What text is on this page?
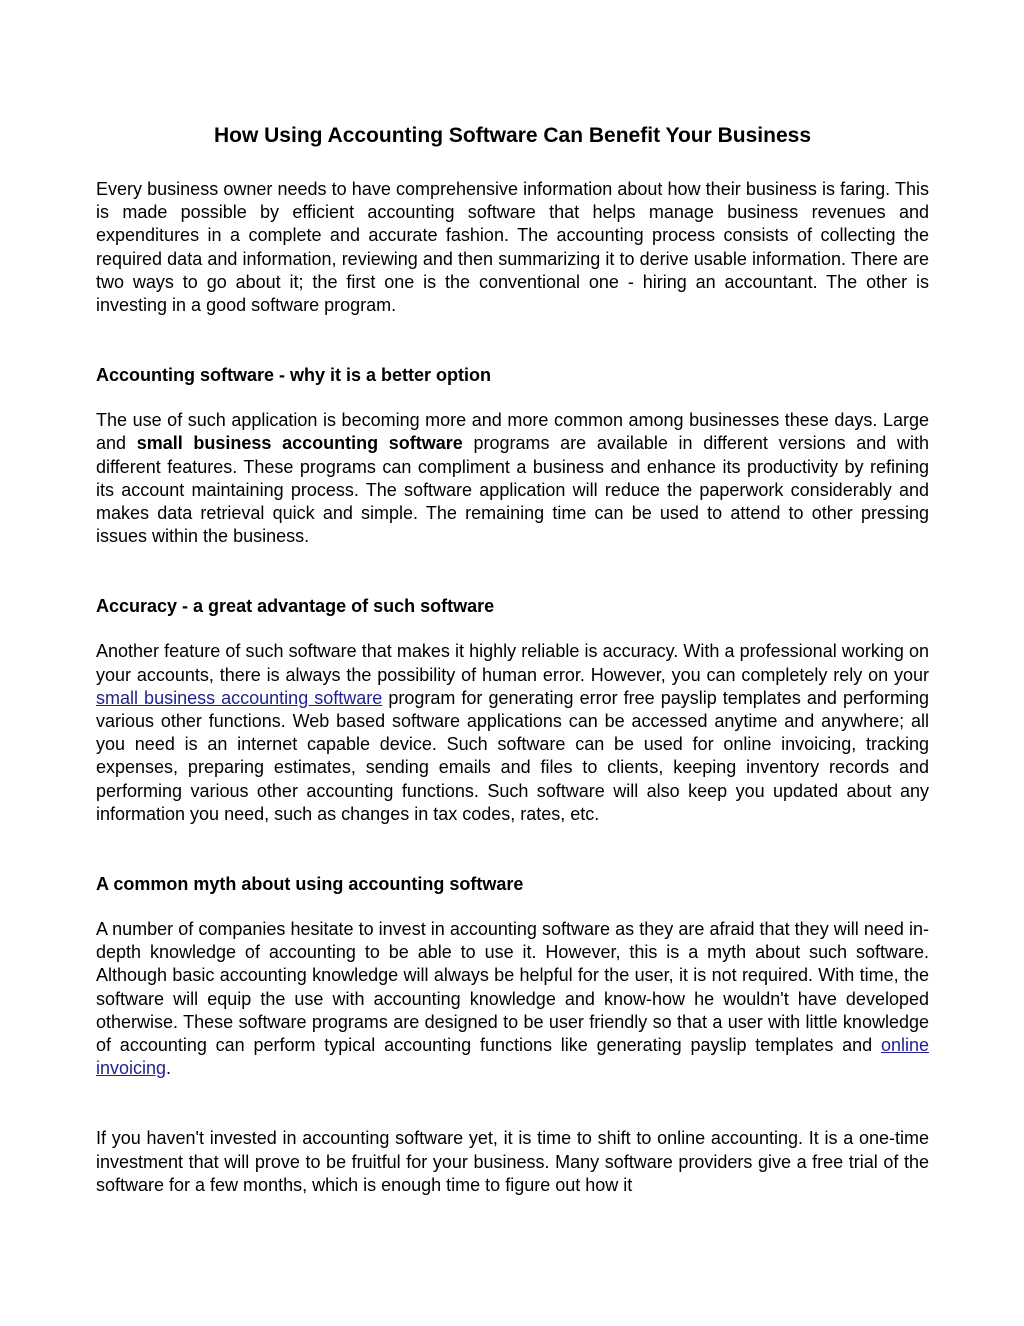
How Using Accounting Software Can Benefit Your Business

Every business owner needs to have comprehensive information about how their business is faring. This is made possible by efficient accounting software that helps manage business revenues and expenditures in a complete and accurate fashion. The accounting process consists of collecting the required data and information, reviewing and then summarizing it to derive usable information. There are two ways to go about it; the first one is the conventional one - hiring an accountant. The other is investing in a good software program.

Accounting software - why it is a better option

The use of such application is becoming more and more common among businesses these days. Large and small business accounting software programs are available in different versions and with different features. These programs can compliment a business and enhance its productivity by refining its account maintaining process. The software application will reduce the paperwork considerably and makes data retrieval quick and simple. The remaining time can be used to attend to other pressing issues within the business.

Accuracy - a great advantage of such software

Another feature of such software that makes it highly reliable is accuracy. With a professional working on your accounts, there is always the possibility of human error. However, you can completely rely on your small business accounting software program for generating error free payslip templates and performing various other functions. Web based software applications can be accessed anytime and anywhere; all you need is an internet capable device. Such software can be used for online invoicing, tracking expenses, preparing estimates, sending emails and files to clients, keeping inventory records and performing various other accounting functions. Such software will also keep you updated about any information you need, such as changes in tax codes, rates, etc.

A common myth about using accounting software

A number of companies hesitate to invest in accounting software as they are afraid that they will need in-depth knowledge of accounting to be able to use it. However, this is a myth about such software. Although basic accounting knowledge will always be helpful for the user, it is not required. With time, the software will equip the use with accounting knowledge and know-how he wouldn't have developed otherwise. These software programs are designed to be user friendly so that a user with little knowledge of accounting can perform typical accounting functions like generating payslip templates and online invoicing.

If you haven't invested in accounting software yet, it is time to shift to online accounting. It is a one-time investment that will prove to be fruitful for your business. Many software providers give a free trial of the software for a few months, which is enough time to figure out how it
